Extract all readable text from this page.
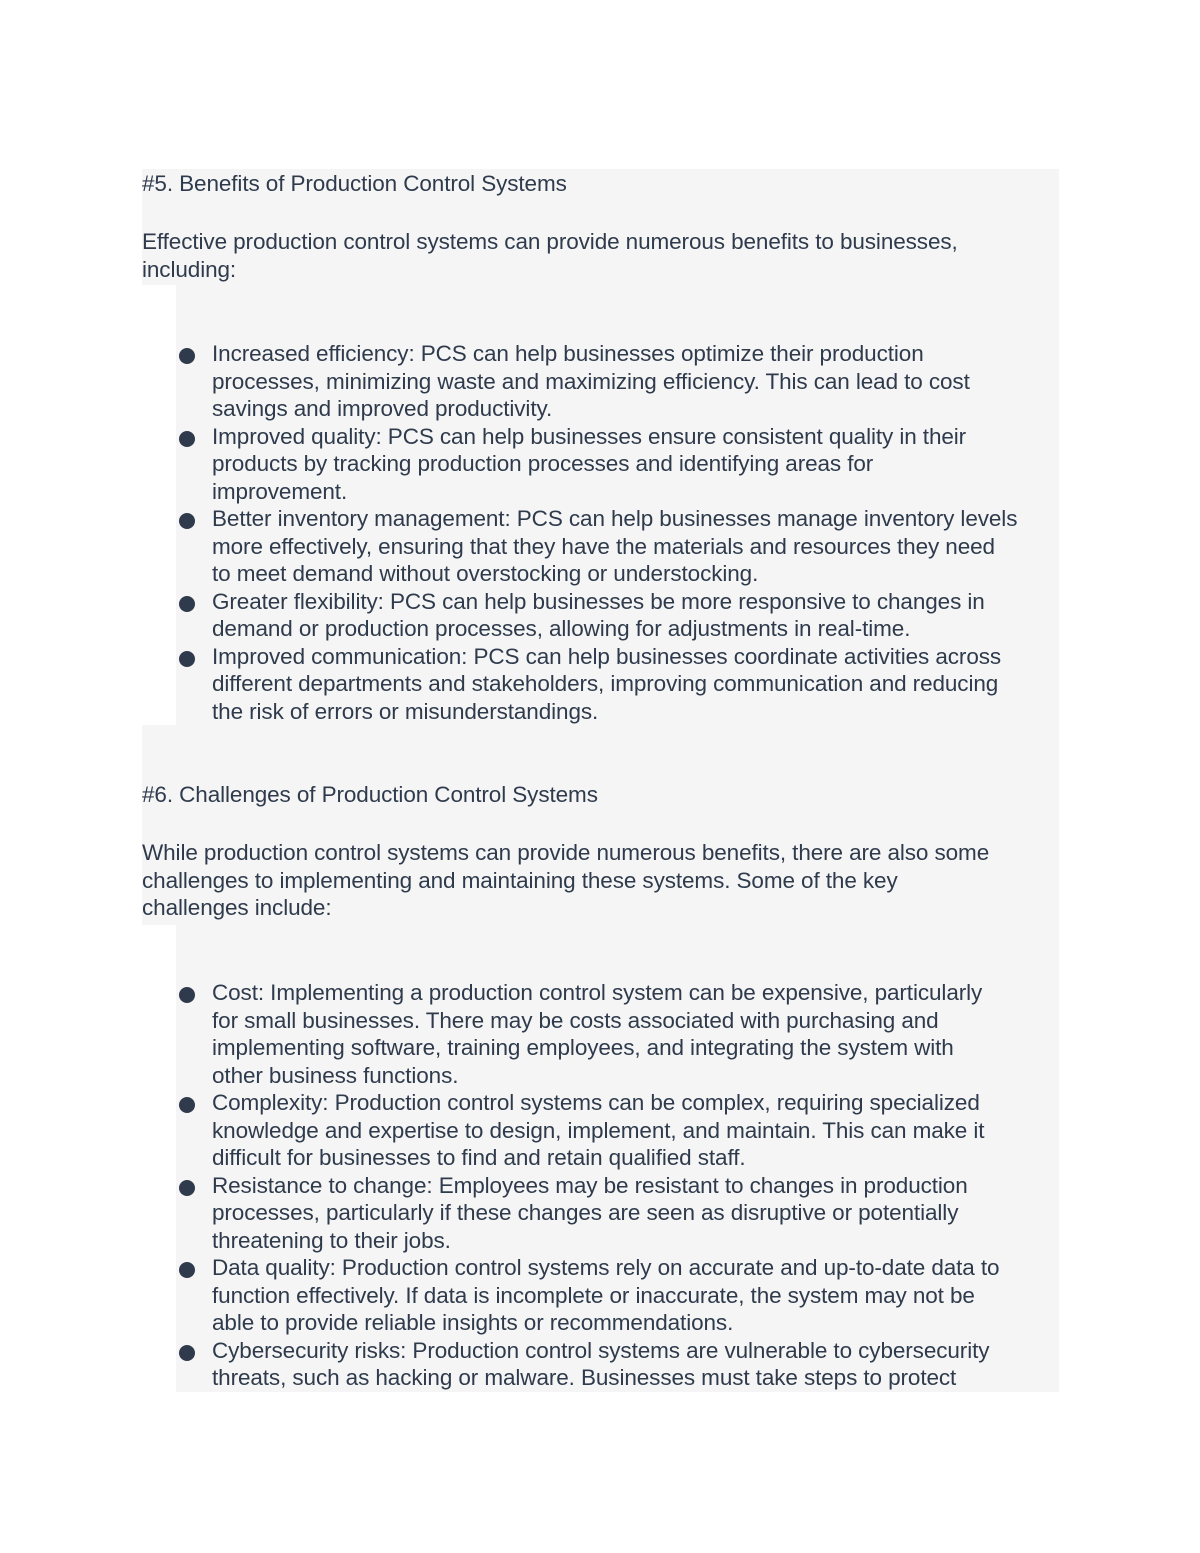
#5. Benefits of Production Control Systems
Effective production control systems can provide numerous benefits to businesses,
including:
Increased efficiency: PCS can help businesses optimize their production
processes, minimizing waste and maximizing efficiency. This can lead to cost
savings and improved productivity.
Improved quality: PCS can help businesses ensure consistent quality in their
products by tracking production processes and identifying areas for
improvement.
Better inventory management: PCS can help businesses manage inventory levels
more effectively, ensuring that they have the materials and resources they need
to meet demand without overstocking or understocking.
Greater flexibility: PCS can help businesses be more responsive to changes in
demand or production processes, allowing for adjustments in real-time.
Improved communication: PCS can help businesses coordinate activities across
different departments and stakeholders, improving communication and reducing
the risk of errors or misunderstandings.
#6. Challenges of Production Control Systems
While production control systems can provide numerous benefits, there are also some
challenges to implementing and maintaining these systems. Some of the key
challenges include:
Cost: Implementing a production control system can be expensive, particularly
for small businesses. There may be costs associated with purchasing and
implementing software, training employees, and integrating the system with
other business functions.
Complexity: Production control systems can be complex, requiring specialized
knowledge and expertise to design, implement, and maintain. This can make it
difficult for businesses to find and retain qualified staff.
Resistance to change: Employees may be resistant to changes in production
processes, particularly if these changes are seen as disruptive or potentially
threatening to their jobs.
Data quality: Production control systems rely on accurate and up-to-date data to
function effectively. If data is incomplete or inaccurate, the system may not be
able to provide reliable insights or recommendations.
Cybersecurity risks: Production control systems are vulnerable to cybersecurity
threats, such as hacking or malware. Businesses must take steps to protect
